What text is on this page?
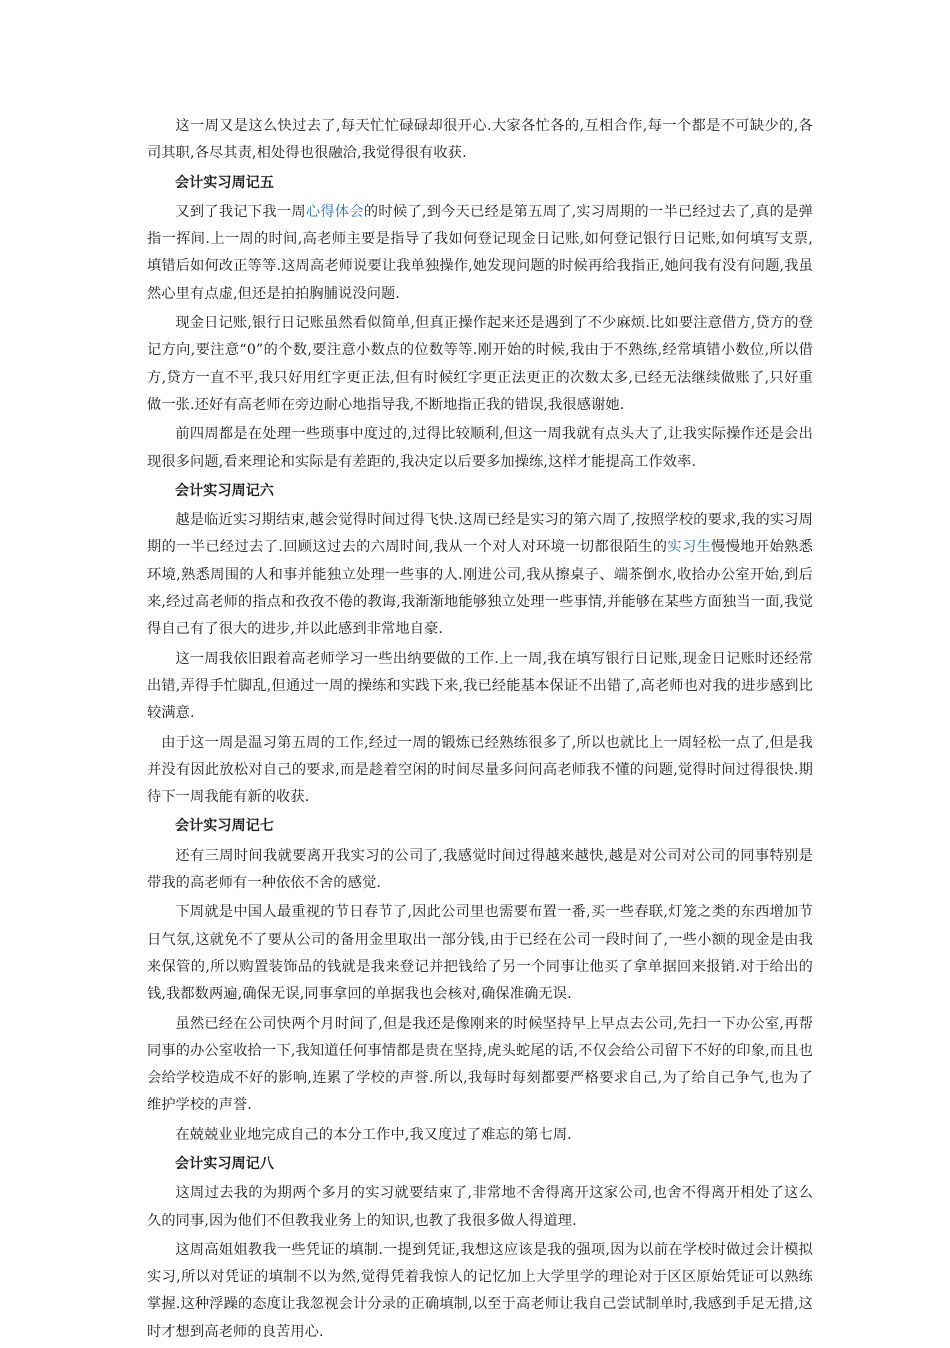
这一周又是这么快过去了,每天忙忙碌碌却很开心.大家各忙各的,互相合作,每一个都是不可缺少的,各司其职,各尽其责,相处得也很融洽,我觉得很有收获.

会计实习周记五

又到了我记下我一周心得体会的时候了,到今天已经是第五周了,实习周期的一半已经过去了,真的是弹指一挥间.上一周的时间,高老师主要是指导了我如何登记现金日记账,如何登记银行日记账,如何填写支票,填错后如何改正等等.这周高老师说要让我单独操作,她发现问题的时候再给我指正,她问我有没有问题,我虽然心里有点虚,但还是拍拍胸脯说没问题.

现金日记账,银行日记账虽然看似简单,但真正操作起来还是遇到了不少麻烦.比如要注意借方,贷方的登记方向,要注意“0”的个数,要注意小数点的位数等等.刚开始的时候,我由于不熟练,经常填错小数位,所以借方,贷方一直不平,我只好用红字更正法,但有时候红字更正法更正的次数太多,已经无法继续做账了,只好重做一张.还好有高老师在旁边耐心地指导我,不断地指正我的错误,我很感谢她.

前四周都是在处理一些琐事中度过的,过得比较顺利,但这一周我就有点头大了,让我实际操作还是会出现很多问题,看来理论和实际是有差距的,我决定以后要多加操练,这样才能提高工作效率.

会计实习周记六

越是临近实习期结束,越会觉得时间过得飞快.这周已经是实习的第六周了,按照学校的要求,我的实习周期的一半已经过去了.回顾这过去的六周时间,我从一个对人对环境一切都很陌生的实习生慢慢地开始熟悉环境,熟悉周围的人和事并能独立处理一些事的人.刚进公司,我从擦桌子、端茶倒水,收拾办公室开始,到后来,经过高老师的指点和孜孜不倦的教诲,我渐渐地能够独立处理一些事情,并能够在某些方面独当一面,我觉得自己有了很大的进步,并以此感到非常地自豪.

这一周我依旧跟着高老师学习一些出纳要做的工作.上一周,我在填写银行日记账,现金日记账时还经常出错,弄得手忙脚乱,但通过一周的操练和实践下来,我已经能基本保证不出错了,高老师也对我的进步感到比较满意.

由于这一周是温习第五周的工作,经过一周的锻炼已经熟练很多了,所以也就比上一周轻松一点了,但是我并没有因此放松对自己的要求,而是趁着空闲的时间尽量多问问高老师我不懂的问题,觉得时间过得很快.期待下一周我能有新的收获.

会计实习周记七

还有三周时间我就要离开我实习的公司了,我感觉时间过得越来越快,越是对公司对公司的同事特别是带我的高老师有一种依依不舍的感觉.

下周就是中国人最重视的节日春节了,因此公司里也需要布置一番,买一些春联,灯笼之类的东西增加节日气氛,这就免不了要从公司的备用金里取出一部分钱,由于已经在公司一段时间了,一些小额的现金是由我来保管的,所以购置装饰品的钱就是我来登记并把钱给了另一个同事让他买了拿单据回来报销.对于给出的钱,我都数两遍,确保无误,同事拿回的单据我也会核对,确保准确无误.

虽然已经在公司快两个月时间了,但是我还是像刚来的时候坚持早上早点去公司,先扫一下办公室,再帮同事的办公室收拾一下,我知道任何事情都是贵在坚持,虎头蛇尾的话,不仅会给公司留下不好的印象,而且也会给学校造成不好的影响,连累了学校的声誉.所以,我每时每刻都要严格要求自己,为了给自己争气,也为了维护学校的声誉.

在兢兢业业地完成自己的本分工作中,我又度过了难忘的第七周.

会计实习周记八

这周过去我的为期两个多月的实习就要结束了,非常地不舍得离开这家公司,也舍不得离开相处了这么久的同事,因为他们不但教我业务上的知识,也教了我很多做人得道理.

这周高姐姐教我一些凭证的填制.一提到凭证,我想这应该是我的强项,因为以前在学校时做过会计模拟实习,所以对凭证的填制不以为然,觉得凭着我惊人的记忆加上大学里学的理论对于区区原始凭证可以熟练掌握.这种浮躁的态度让我忽视会计分录的正确填制,以至于高老师让我自己尝试制单时,我感到手足无措,这时才想到高老师的良苦用心.
